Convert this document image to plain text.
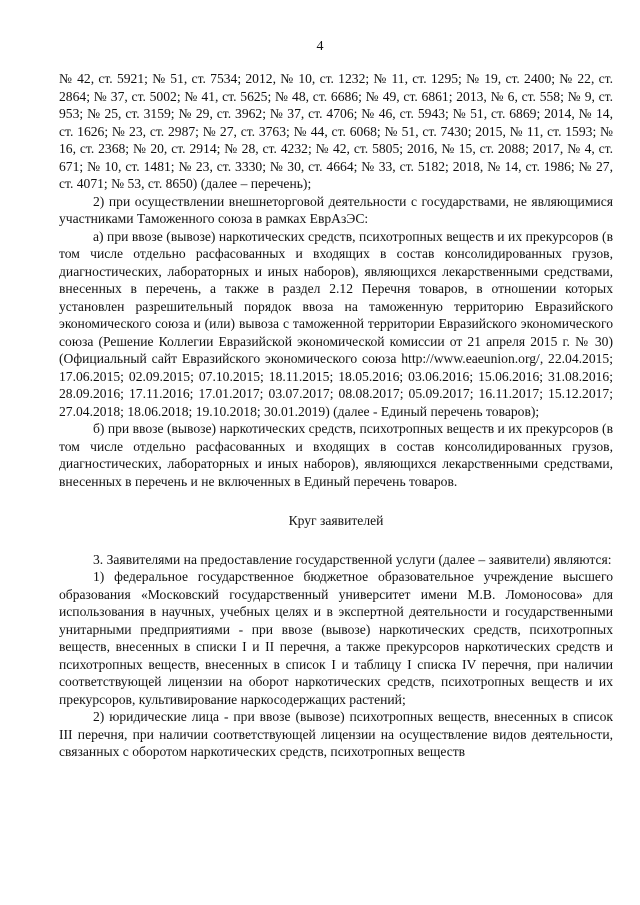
4

№ 42, ст. 5921; № 51, ст. 7534; 2012, № 10, ст. 1232; № 11, ст. 1295; № 19, ст. 2400; № 22, ст. 2864; № 37, ст. 5002; № 41, ст. 5625; № 48, ст. 6686; № 49, ст. 6861; 2013, № 6, ст. 558; № 9, ст. 953; № 25, ст. 3159; № 29, ст. 3962; № 37, ст. 4706; № 46, ст. 5943; № 51, ст. 6869; 2014, № 14, ст. 1626; № 23, ст. 2987; № 27, ст. 3763; № 44, ст. 6068; № 51, ст. 7430; 2015, № 11, ст. 1593; № 16, ст. 2368; № 20, ст. 2914; № 28, ст. 4232; № 42, ст. 5805; 2016, № 15, ст. 2088; 2017, № 4, ст. 671; № 10, ст. 1481; № 23, ст. 3330; № 30, ст. 4664; № 33, ст. 5182; 2018, № 14, ст. 1986; № 27, ст. 4071; № 53, ст. 8650) (далее – перечень);

2) при осуществлении внешнеторговой деятельности с государствами, не являющимися участниками Таможенного союза в рамках ЕврАзЭС:

а) при ввозе (вывозе) наркотических средств, психотропных веществ и их прекурсоров (в том числе отдельно расфасованных и входящих в состав консолидированных грузов, диагностических, лабораторных и иных наборов), являющихся лекарственными средствами, внесенных в перечень, а также в раздел 2.12 Перечня товаров, в отношении которых установлен разрешительный порядок ввоза на таможенную территорию Евразийского экономического союза и (или) вывоза с таможенной территории Евразийского экономического союза (Решение Коллегии Евразийской экономической комиссии от 21 апреля 2015 г. № 30) (Официальный сайт Евразийского экономического союза http://www.eaeunion.org/, 22.04.2015; 17.06.2015; 02.09.2015; 07.10.2015; 18.11.2015; 18.05.2016; 03.06.2016; 15.06.2016; 31.08.2016; 28.09.2016; 17.11.2016; 17.01.2017; 03.07.2017; 08.08.2017; 05.09.2017; 16.11.2017; 15.12.2017; 27.04.2018; 18.06.2018; 19.10.2018; 30.01.2019) (далее - Единый перечень товаров);

б) при ввозе (вывозе) наркотических средств, психотропных веществ и их прекурсоров (в том числе отдельно расфасованных и входящих в состав консолидированных грузов, диагностических, лабораторных и иных наборов), являющихся лекарственными средствами, внесенных в перечень и не включенных в Единый перечень товаров.

Круг заявителей

3. Заявителями на предоставление государственной услуги (далее – заявители) являются:

1) федеральное государственное бюджетное образовательное учреждение высшего образования «Московский государственный университет имени М.В. Ломоносова» для использования в научных, учебных целях и в экспертной деятельности и государственными унитарными предприятиями - при ввозе (вывозе) наркотических средств, психотропных веществ, внесенных в списки I и II перечня, а также прекурсоров наркотических средств и психотропных веществ, внесенных в список I и таблицу I списка IV перечня, при наличии соответствующей лицензии на оборот наркотических средств, психотропных веществ и их прекурсоров, культивирование наркосодержащих растений;

2) юридические лица - при ввозе (вывозе) психотропных веществ, внесенных в список III перечня, при наличии соответствующей лицензии на осуществление видов деятельности, связанных с оборотом наркотических средств, психотропных веществ
